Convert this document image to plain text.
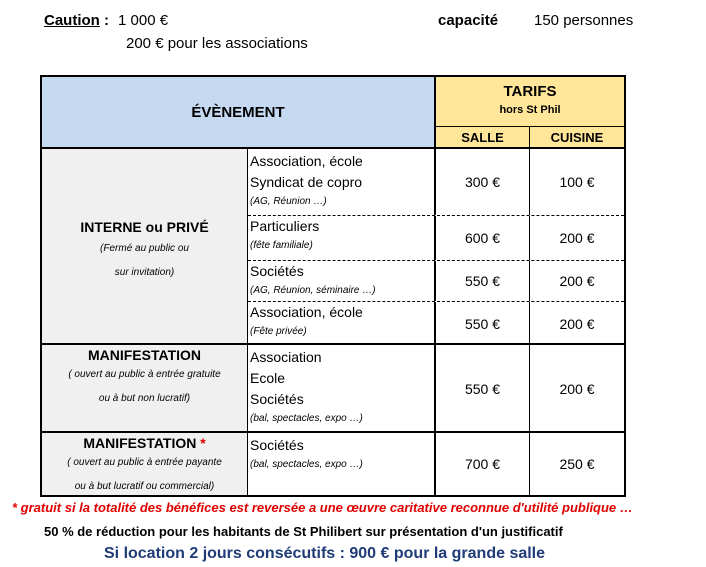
Caution : 1 000 €
200 € pour les associations
capacité 150 personnes
ÉVÈNEMENT
TARIFS
hors St Phil
SALLE	CUISINE
INTERNE ou PRIVÉ
(Fermé au public ou
sur invitation)
Association, école
Syndicat de copro
(AG, Réunion …)
300 €	100 €
Particuliers
(fête familiale)	600 €	200 €
Sociétés
(AG, Réunion, séminaire …)
550 €	200 €
Association, école
(Fête privée)	550 €	200 €
MANIFESTATION
( ouvert au public à entrée gratuite
ou à but non lucratif)
Association
Ecole
Sociétés
(bal, spectacles, expo …)
550 €	200 €
MANIFESTATION *
( ouvert au public à entrée payante
ou à but lucratif ou commercial)
Sociétés
(bal, spectacles, expo …)	700 €	250 €
* gratuit si la totalité des bénéfices est reversée a une œuvre caritative reconnue d'utilité publique …
50 % de réduction pour les habitants de St Philibert sur présentation d'un justificatif
Si location 2 jours consécutifs : 900 € pour la grande salle
